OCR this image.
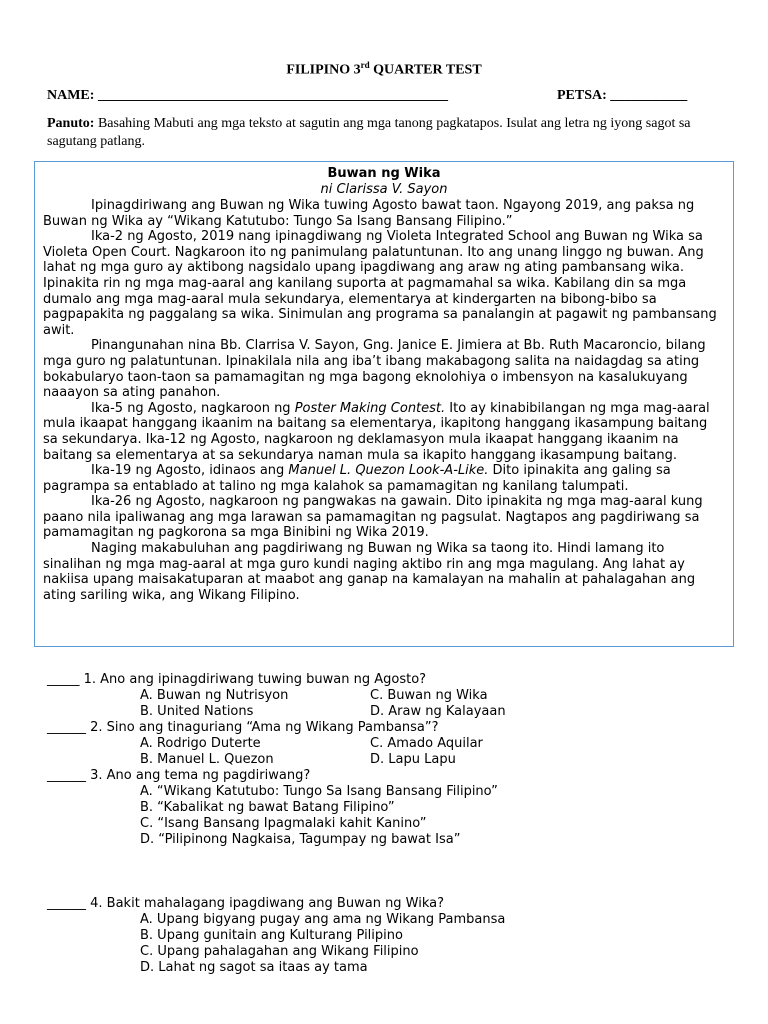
FILIPINO 3rd QUARTER TEST
NAME: __________________________________________________	PETSA: ___________
Panuto: Basahing Mabuti ang mga teksto at sagutin ang mga tanong pagkatapos. Isulat ang letra ng iyong sagot sa sagutang patlang.
Buwan ng Wika
ni Clarissa V. Sayon

Ipinagdiriwang ang Buwan ng Wika tuwing Agosto bawat taon. Ngayong 2019, ang paksa ng Buwan ng Wika ay “Wikang Katutubo: Tungo Sa Isang Bansang Filipino.”

Ika-2 ng Agosto, 2019 nang ipinagdiwang ng Violeta Integrated School ang Buwan ng Wika sa Violeta Open Court. Nagkaroon ito ng panimulang palatuntunan. Ito ang unang linggo ng buwan. Ang lahat ng mga guro ay aktibong nagsidalo upang ipagdiwang ang araw ng ating pambansang wika. Ipinakita rin ng mga mag-aaral ang kanilang suporta at pagmamahal sa wika. Kabilang din sa mga dumalo ang mga mag-aaral mula sekundarya, elementarya at kindergarten na bibong-bibo sa pagpapakita ng paggalang sa wika. Sinimulan ang programa sa panalangin at pagawit ng pambansang awit.

Pinangunahan nina Bb. Clarrisa V. Sayon, Gng. Janice E. Jimiera at Bb. Ruth Macaroncio, bilang mga guro ng palatuntunan. Ipinakilala nila ang iba’t ibang makabagong salita na naidagdag sa ating bokabularyo taon-taon sa pamamagitan ng mga bagong eknolohiya o imbensyon na kasalukuyang naaayon sa ating panahon.

Ika-5 ng Agosto, nagkaroon ng Poster Making Contest. Ito ay kinabibilangan ng mga mag-aaral mula ikaapat hanggang ikaanim na baitang sa elementarya, ikapitong hanggang ikasampung baitang sa sekundarya. Ika-12 ng Agosto, nagkaroon ng deklamasyon mula ikaapat hanggang ikaanim na baitang sa elementarya at sa sekundarya naman mula sa ikapito hanggang ikasampung baitang.

Ika-19 ng Agosto, idinaos ang Manuel L. Quezon Look-A-Like. Dito ipinakita ang galing sa pagrampa sa entablado at talino ng mga kalahok sa pamamagitan ng kanilang talumpati.

Ika-26 ng Agosto, nagkaroon ng pangwakas na gawain. Dito ipinakita ng mga mag-aaral kung paano nila ipaliwanag ang mga larawan sa pamamagitan ng pagsulat. Nagtapos ang pagdiriwang sa pamamagitan ng pagkorona sa mga Binibini ng Wika 2019.

Naging makabuluhan ang pagdiriwang ng Buwan ng Wika sa taong ito. Hindi lamang ito sinalihan ng mga mag-aaral at mga guro kundi naging aktibo rin ang mga magulang. Ang lahat ay nakiisa upang maisakatuparan at maabot ang ganap na kamalayan na mahalin at pahalagahan ang ating sariling wika, ang Wikang Filipino.

_____ 1. Ano ang ipinagdiriwang tuwing buwan ng Agosto?
A. Buwan ng Nutrisyon	C. Buwan ng Wika
B. United Nations	D. Araw ng Kalayaan
______ 2. Sino ang tinaguriang “Ama ng Wikang Pambansa”?
A. Rodrigo Duterte	C. Amado Aquilar
B. Manuel L. Quezon	D. Lapu Lapu
______ 3. Ano ang tema ng pagdiriwang?
A. “Wikang Katutubo: Tungo Sa Isang Bansang Filipino”
B. “Kabalikat ng bawat Batang Filipino”
C. “Isang Bansang Ipagmalaki kahit Kanino”
D. “Pilipinong Nagkaisa, Tagumpay ng bawat Isa”
______ 4. Bakit mahalagang ipagdiwang ang Buwan ng Wika?
A. Upang bigyang pugay ang ama ng Wikang Pambansa
B. Upang gunitain ang Kulturang Pilipino
C. Upang pahalagahan ang Wikang Filipino
D. Lahat ng sagot sa itaas ay tama
